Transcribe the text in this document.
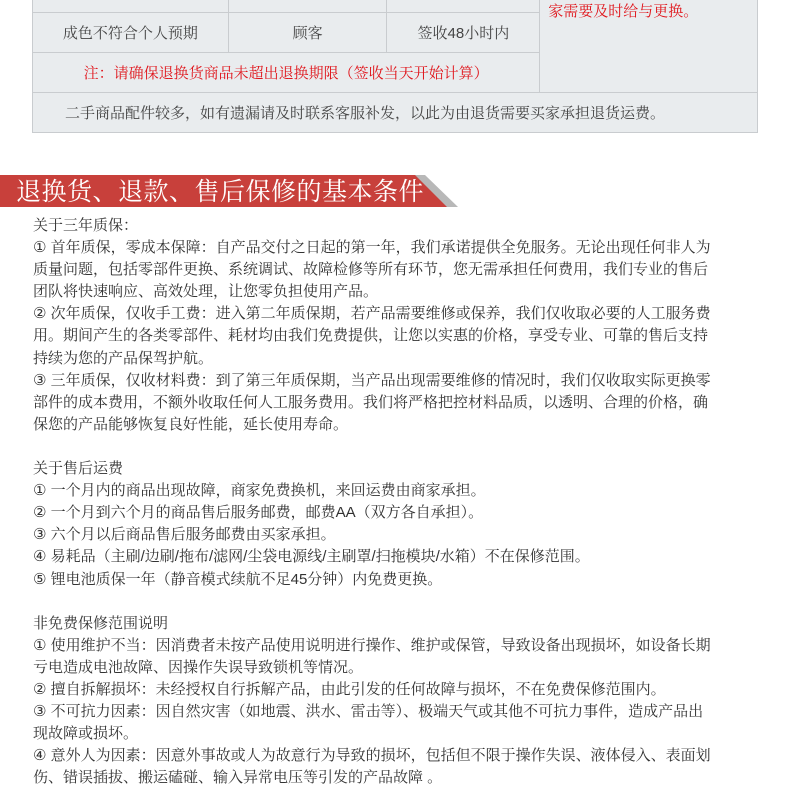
家需要及时给与更换。
成色不符合个人预期	顾客	签收48小时内	
注：请确保退换货商品未超出退换期限（签收当天开始计算）			
二手商品配件较多，如有遗漏请及时联系客服补发，以此为由退货需要买家承担退货运费。			
退换货、退款、售后保修的基本条件
关于三年质保：
① 首年质保，零成本保障：自产品交付之日起的第一年，我们承诺提供全免服务。无论出现任何非人为
质量问题，包括零部件更换、系统调试、故障检修等所有环节，您无需承担任何费用，我们专业的售后
团队将快速响应、高效处理，让您零负担使用产品。
② 次年质保，仅收手工费：进入第二年质保期，若产品需要维修或保养，我们仅收取必要的人工服务费
用。期间产生的各类零部件、耗材均由我们免费提供，让您以实惠的价格，享受专业、可靠的售后支持
持续为您的产品保驾护航。
③ 三年质保，仅收材料费：到了第三年质保期，当产品出现需要维修的情况时，我们仅收取实际更换零
部件的成本费用，不额外收取任何人工服务费用。我们将严格把控材料品质，以透明、合理的价格，确
保您的产品能够恢复良好性能，延长使用寿命。
关于售后运费
① 一个月内的商品出现故障，商家免费换机，来回运费由商家承担。
② 一个月到六个月的商品售后服务邮费，邮费AA（双方各自承担）。
③ 六个月以后商品售后服务邮费由买家承担。
④ 易耗品（主刷/边刷/拖布/滤网/尘袋电源线/主刷罩/扫拖模块/水箱）不在保修范围。
⑤ 锂电池质保一年（静音模式续航不足45分钟）内免费更换。
非免费保修范围说明
① 使用维护不当：因消费者未按产品使用说明进行操作、维护或保管，导致设备出现损坏，如设备长期
亏电造成电池故障、因操作失误导致锁机等情况。
② 擅自拆解损坏：未经授权自行拆解产品，由此引发的任何故障与损坏，不在免费保修范围内。
③ 不可抗力因素：因自然灾害（如地震、洪水、雷击等）、极端天气或其他不可抗力事件，造成产品出
现故障或损坏。
④ 意外人为因素：因意外事故或人为故意行为导致的损坏，包括但不限于操作失误、液体侵入、表面划
伤、错误插拔、搬运磕碰、输入异常电压等引发的产品故障 。
